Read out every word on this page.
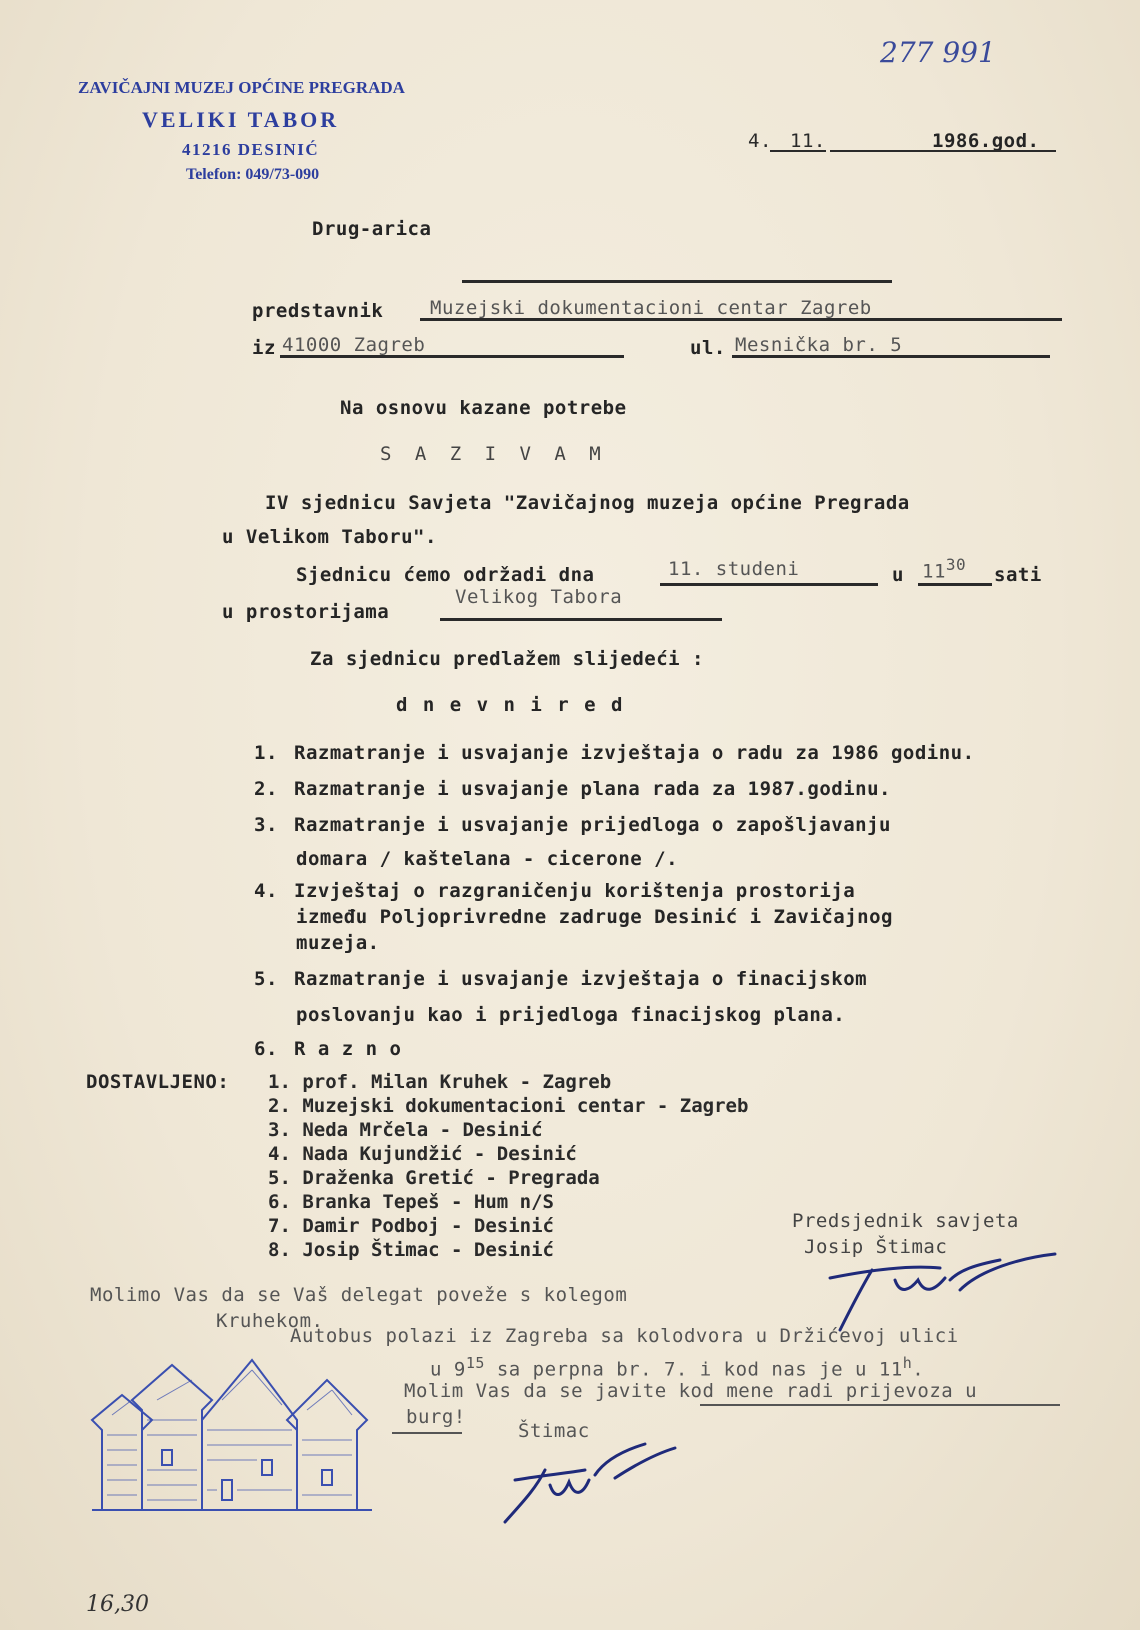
277 991
ZAVIČAJNI MUZEJ OPĆINE PREGRADA
VELIKI TABOR
41216 DESINIĆ
Telefon: 049/73-090
4. 11.	1986.god.
Drug-arica
predstavnik Muzejski dokumentacioni centar Zagreb
iz 41000 Zagreb	ul. Mesnička br. 5
Na osnovu kazane potrebe
S A Z I V A M
IV sjednicu Savjeta "Zavičajnog muzeja općine Pregrada
u Velikom Taboru".
Sjednicu ćemo održadi dna	11. studeni	u $11^{30}$ sati
u prostorijama
Velikog Tabora
Za sjednicu predlažem slijedeći :
d n e v n i r e d
1. Razmatranje i usvajanje izvještaja o radu za 1986 godinu.
2. Razmatranje i usvajanje plana rada za 1987.godinu.
3. Razmatranje i usvajanje prijedloga o zapošljavanju
domara / kaštelana - cicerone /.
4. Izvještaj o razgraničenju korištenja prostorija
između Poljoprivredne zadruge Desinić i Zavičajnog
muzeja.
5. Razmatranje i usvajanje izvještaja o finacijskom
poslovanju kao i prijedloga finacijskog plana.
6. R a z n o
DOSTAVLJENO: 1. prof. Milan Kruhek - Zagreb
2. Muzejski dokumentacioni centar - Zagreb
3. Neda Mrčela - Desinić
4. Nada Kujundžić - Desinić
5. Draženka Gretić - Pregrada
6. Branka Tepeš - Hum n/S
7. Damir Podboj - Desinić
8. Josip Štimac - Desinić
Predsjednik savjeta
Josip Štimac
Molimo Vas da se Vaš delegat poveže s kolegom
Kruhekom.
Autobus polazi iz Zagreba sa kolodvora u Držićevoj ulici
u $9^{15}$ sa perpna br. 7. i kod nas je u 11$^h$.
Molim Vas da se javite kod mene radi prijevoza u
burg!
Štimac
16,30
